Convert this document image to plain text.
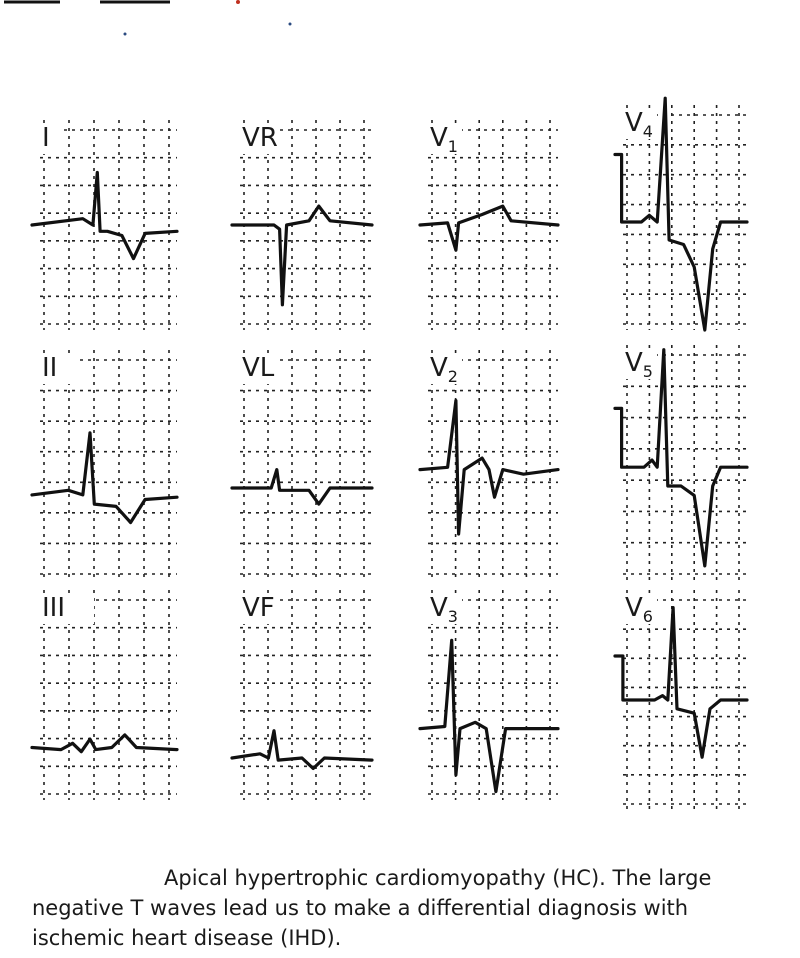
I	VR	$V_1$
$V_4$
II	VL	$V_2$	$V_5$
III	VF	$V_3$	$V_6$

Apical hypertrophic cardiomyopathy (HC). The large negative T waves lead us to make a differential diagnosis with ischemic heart disease (IHD).
